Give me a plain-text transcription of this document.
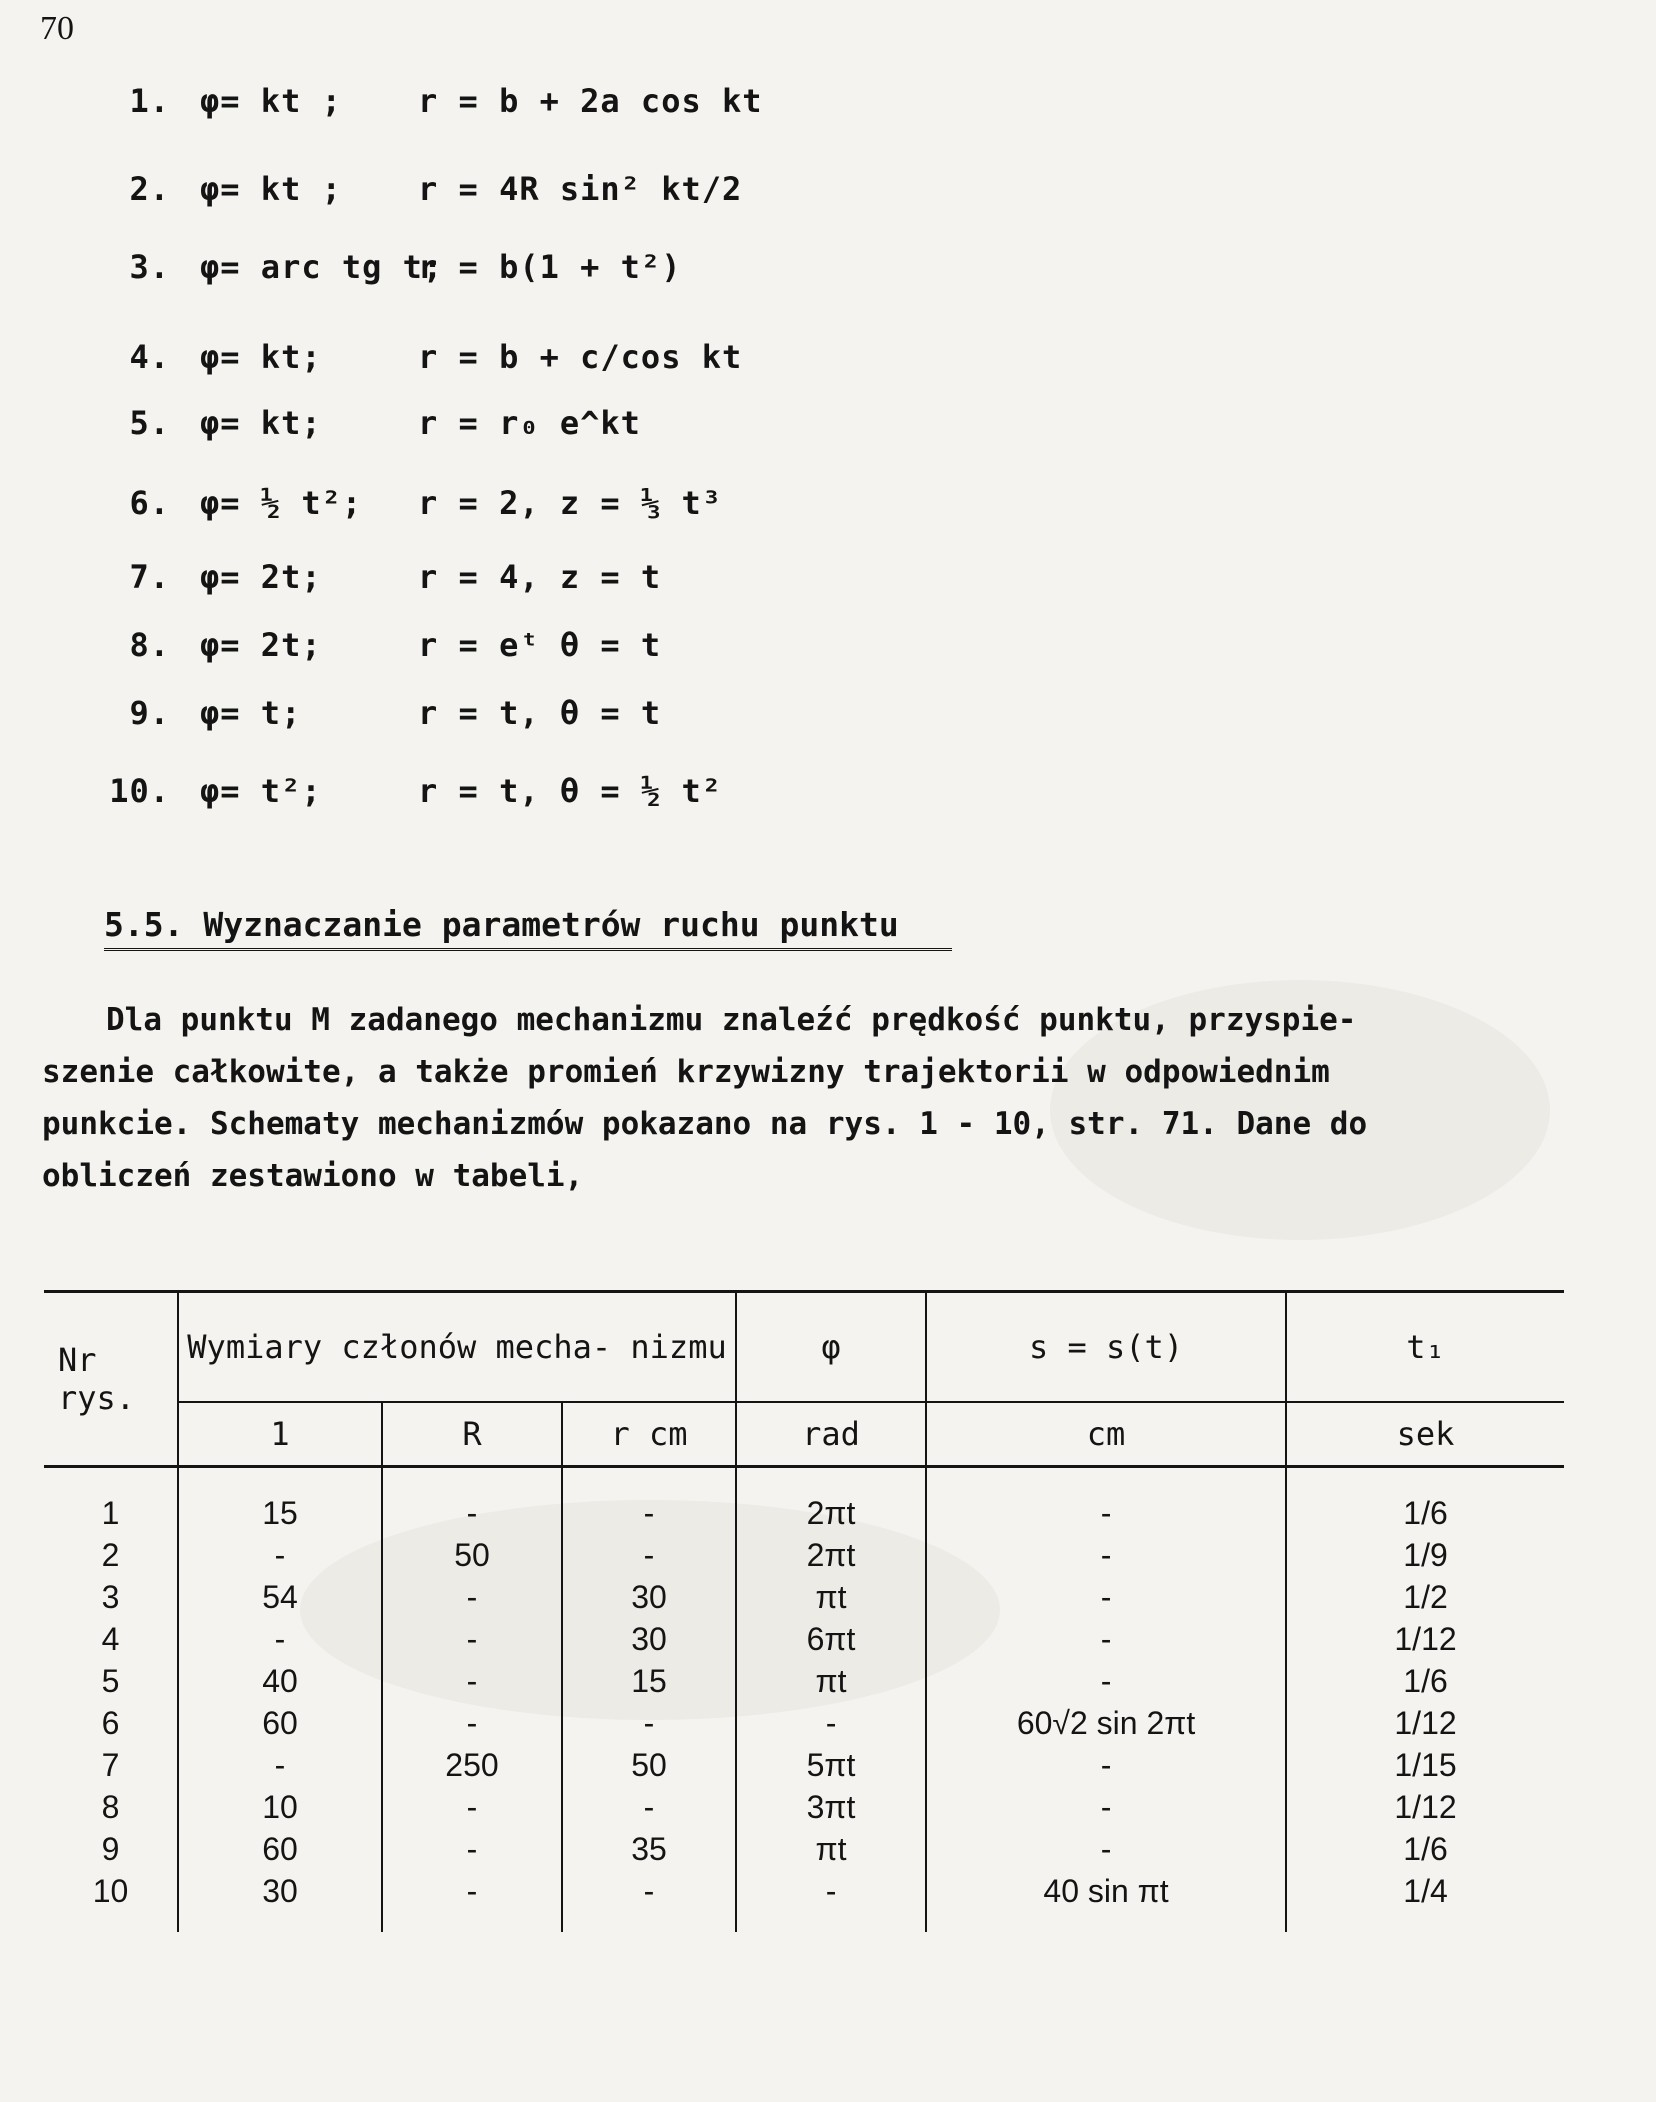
70
1. φ= kt ; r = b + 2a cos kt
2. φ= kt ; r = 4R sin² kt/2
3. φ= arc tg t;
r = b(1 + t²)
4. φ= kt;	r = b + c/cos kt
5. φ= kt;	r = r₀ e^kt
6. φ= ½ t²; r = 2, z = ⅓ t³
7. φ= 2t;	r = 4, z = t
8. φ= 2t;	r = eᵗ θ = t
9. φ= t;	r = t, θ = t
10. φ= t²;	r = t, θ = ½ t²
5.5. Wyznaczanie parametrów ruchu punktu
Dla punktu M zadanego mechanizmu znaleźć prędkość punktu, przyspie-
szenie całkowite, a także promień krzywizny trajektorii w odpowiednim
punkcie. Schematy mechanizmów pokazano na rys. 1 - 10, str. 71. Dane do
obliczeń zestawiono w tabeli,
Nr rys.	Wymiary członów mecha- nizmu			φ	s = s(t)	t₁
	1	R	r cm	rad	cm	sek
1	15	-	-	2πt	-	1/6
2	-	50	-	2πt	-	1/9
3	54	-	30	πt	-	1/2
4	-	-	30	6πt	-	1/12
5	40	-	15	πt	-	1/6
6	60	-	-	-	60√2 sin 2πt	1/12
7	-	250	50	5πt	-	1/15
8	10	-	-	3πt	-	1/12
9	60	-	35	πt	-	1/6
10	30	-	-	-	40 sin πt	1/4
